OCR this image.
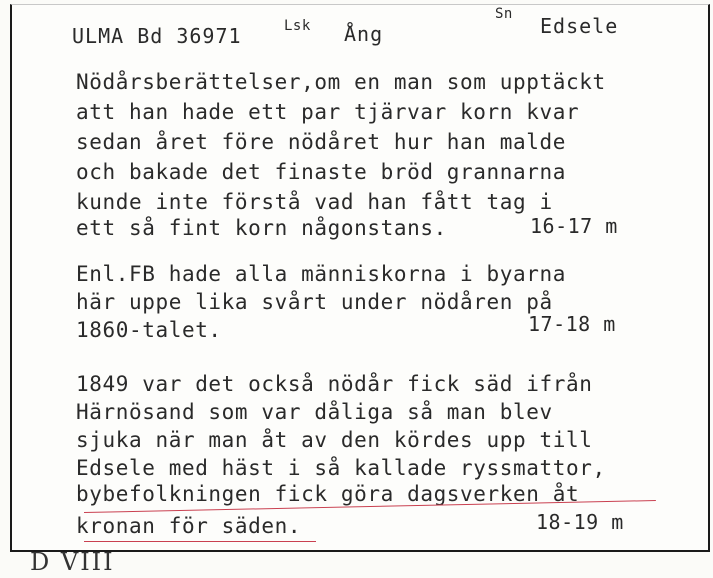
ULMA Bd 36971	Lsk Ång
Sn Edsele
Nödårsberättelser,om en man som upptäckt
att han hade ett par tjärvar korn kvar
sedan året före nödåret hur han malde
och bakade det finaste bröd grannarna
kunde inte förstå vad han fått tag i
ett så fint korn någonstans.	16-17 m
Enl.FB hade alla människorna i byarna
här uppe lika svårt under nödåren på
1860-talet.	17-18 m
1849 var det också nödår fick säd ifrån
Härnösand som var dåliga så man blev
sjuka när man åt av den kördes upp till
Edsele med häst i så kallade ryssmattor,
bybefolkningen fick göra dagsverken åt
kronan för säden.	18-19 m
D VIII
